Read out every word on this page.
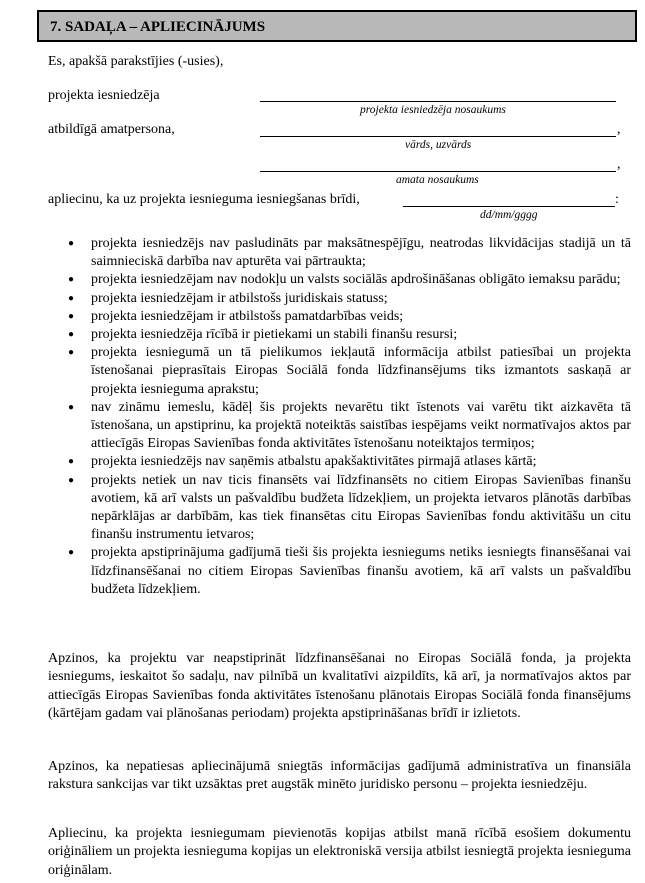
7. SADAĻA – APLIECINĀJUMS
Es, apakšā parakstījies (-usies),
projekta iesniedzēja
projekta iesniedzēja nosaukums
atbildīgā amatpersona,	,
vārds, uzvārds
,
amata nosaukums
apliecinu, ka uz projekta iesnieguma iesniegšanas brīdi,	:
dd/mm/gggg
● projekta iesniedzējs nav pasludināts par maksātnespējīgu, neatrodas likvidācijas stadijā un tā saimnieciskā darbība nav apturēta vai pārtraukta;
● projekta iesniedzējam nav nodokļu un valsts sociālās apdrošināšanas obligāto iemaksu parādu;
● projekta iesniedzējam ir atbilstošs juridiskais statuss;
● projekta iesniedzējam ir atbilstošs pamatdarbības veids;
● projekta iesniedzēja rīcībā ir pietiekami un stabili finanšu resursi;
● projekta iesniegumā un tā pielikumos iekļautā informācija atbilst patiesībai un projekta īstenošanai pieprasītais Eiropas Sociālā fonda līdzfinansējums tiks izmantots saskaņā ar projekta iesnieguma aprakstu;
● nav zināmu iemeslu, kādēļ šis projekts nevarētu tikt īstenots vai varētu tikt aizkavēta tā īstenošana, un apstiprinu, ka projektā noteiktās saistības iespējams veikt normatīvajos aktos par attiecīgās Eiropas Savienības fonda aktivitātes īstenošanu noteiktajos termiņos;
● projekta iesniedzējs nav saņēmis atbalstu apakšaktivitātes pirmajā atlases kārtā;
● projekts netiek un nav ticis finansēts vai līdzfinansēts no citiem Eiropas Savienības finanšu avotiem, kā arī valsts un pašvaldību budžeta līdzekļiem, un projekta ietvaros plānotās darbības nepārklājas ar darbībām, kas tiek finansētas citu Eiropas Savienības fondu aktivitāšu un citu finanšu instrumentu ietvaros;
● projekta apstiprinājuma gadījumā tieši šis projekta iesniegums netiks iesniegts finansēšanai vai līdzfinansēšanai no citiem Eiropas Savienības finanšu avotiem, kā arī valsts un pašvaldību budžeta līdzekļiem.
Apzinos, ka projektu var neapstiprināt līdzfinansēšanai no Eiropas Sociālā fonda, ja projekta iesniegums, ieskaitot šo sadaļu, nav pilnībā un kvalitatīvi aizpildīts, kā arī, ja normatīvajos aktos par attiecīgās Eiropas Savienības fonda aktivitātes īstenošanu plānotais Eiropas Sociālā fonda finansējums (kārtējam gadam vai plānošanas periodam) projekta apstiprināšanas brīdī ir izlietots.
Apzinos, ka nepatiesas apliecinājumā sniegtās informācijas gadījumā administratīva un finansiāla rakstura sankcijas var tikt uzsāktas pret augstāk minēto juridisko personu – projekta iesniedzēju.
Apliecinu, ka projekta iesniegumam pievienotās kopijas atbilst manā rīcībā esošiem dokumentu oriģināliem un projekta iesnieguma kopijas un elektroniskā versija atbilst iesniegtā projekta iesnieguma oriģinālam.
